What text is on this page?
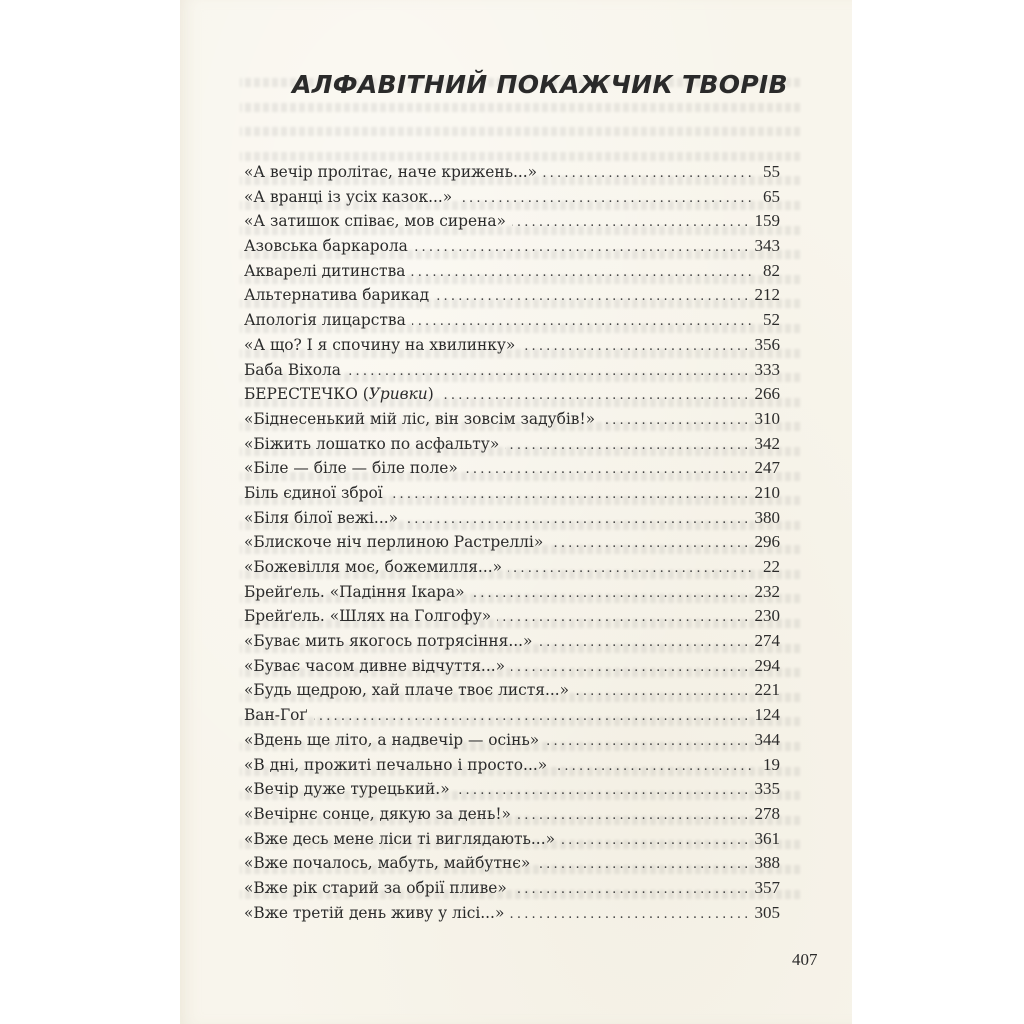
АЛФАВІТНИЙ ПОКАЖЧИК ТВОРІВ
«А вечір пролітає, наче крижень...» .....	55
«А вранці із усіх казок...» .....	65
«А затишок співає, мов сирена» .....	159
Азовська баркарола .....	343
Акварелі дитинства .....	82
Альтернатива барикад .....	212
Апологія лицарства .....	52
«А що? І я спочину на хвилинку» .....	356
Баба Віхола .....	333
БЕРЕСТЕЧКО (Уривки) .....	266
«Біднесенький мій ліс, він зовсім задубів!» .....	310
«Біжить лошатко по асфальту» .....	342
«Біле — біле — біле поле» .....	247
Біль єдиної зброї .....	210
«Біля білої вежі...» .....	380
«Блискоче ніч перлиною Растреллі» .....	296
«Божевілля моє, божемилля...» .....	22
Брейґель. «Падіння Ікара» .....	232
Брейґель. «Шлях на Голгофу» .....	230
«Буває мить якогось потрясіння...» .....	274
«Буває часом дивне відчуття...» .....	294
«Будь щедрою, хай плаче твоє листя...» .....	221
Ван-Гоґ .....	124
«Вдень ще літо, а надвечір — осінь» .....	344
«В дні, прожиті печально і просто...» .....	19
«Вечір дуже турецький.» .....	335
«Вечірнє сонце, дякую за день!» .....	278
«Вже десь мене ліси ті виглядають...» .....	361
«Вже почалось, мабуть, майбутнє» .....	388
«Вже рік старий за обрії пливе» .....	357
«Вже третій день живу у лісі...» .....	305
407
